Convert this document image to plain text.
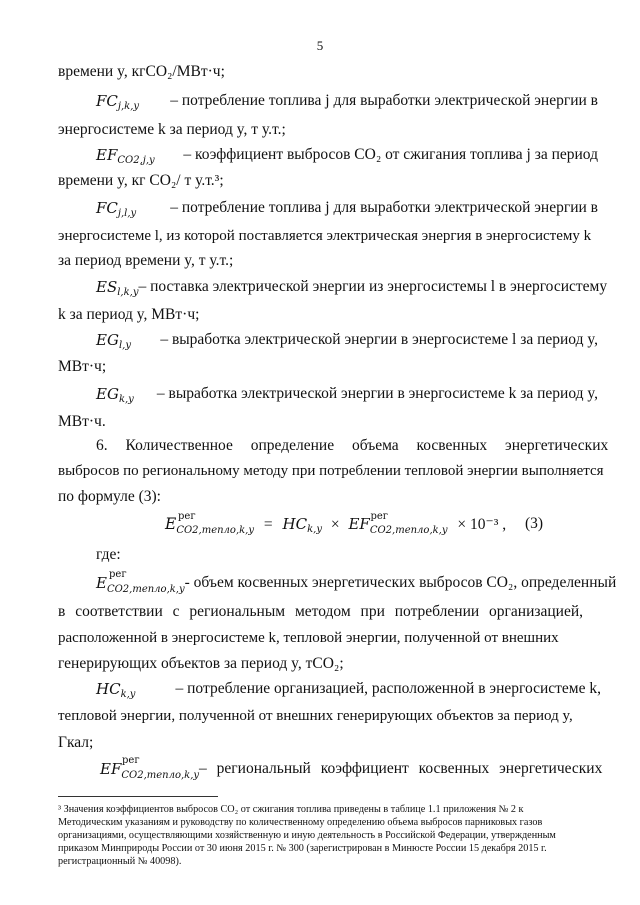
5
времени y, кгCO₂/МВт·ч;
$FC_{j,k,y}$ – потребление топлива j для выработки электрической энергии в
энергосистеме k за период y, т у.т.;
$EF_{CO2,j,y}$ – коэффициент выбросов CO₂ от сжигания топлива j за период
времени y, кг CO₂/ т у.т.³;
$FC_{j,l,y}$ – потребление топлива j для выработки электрической энергии в
энергосистеме l, из которой поставляется электрическая энергия в энергосистему k
за период времени y, т у.т.;
$ES_{l,k,y}$ – поставка электрической энергии из энергосистемы l в энергосистему
k за период y, МВт·ч;
$EG_{l,y}$ – выработка электрической энергии в энергосистеме l за период y,
МВт·ч;
$EG_{k,y}$ – выработка электрической энергии в энергосистеме k за период y,
МВт·ч.
6. Количественное определение объема косвенных энергетических
выбросов по региональному методу при потреблении тепловой энергии выполняется
по формуле (3):
E рег
$_{CO2,тепло,k,y} = HC_{k,y}$ × EF рег
$_{CO2,тепло,k,y}$ × 10⁻³ , (3)
где:
E рег
$_{CO2,тепло,k,y}$ - объем косвенных энергетических выбросов CO₂, определенный
в соответствии с региональным методом при потреблении организацией,
расположенной в энергосистеме k, тепловой энергии, полученной от внешних
генерирующих объектов за период y, тCO₂;
$HC_{k,y}$	– потребление организацией, расположенной в энергосистеме k,
тепловой энергии, полученной от внешних генерирующих объектов за период y,
Гкал;
EF рег
$_{CO2,тепло,k,y}$ – региональный коэффициент косвенных энергетических
³ Значения коэффициентов выбросов CO₂ от сжигания топлива приведены в таблице 1.1 приложения № 2 к
Методическим указаниям и руководству по количественному определению объема выбросов парниковых газов
организациями, осуществляющими хозяйственную и иную деятельность в Российской Федерации, утвержденным
приказом Минприроды России от 30 июня 2015 г. № 300 (зарегистрирован в Минюсте России 15 декабря 2015 г.
регистрационный № 40098).
